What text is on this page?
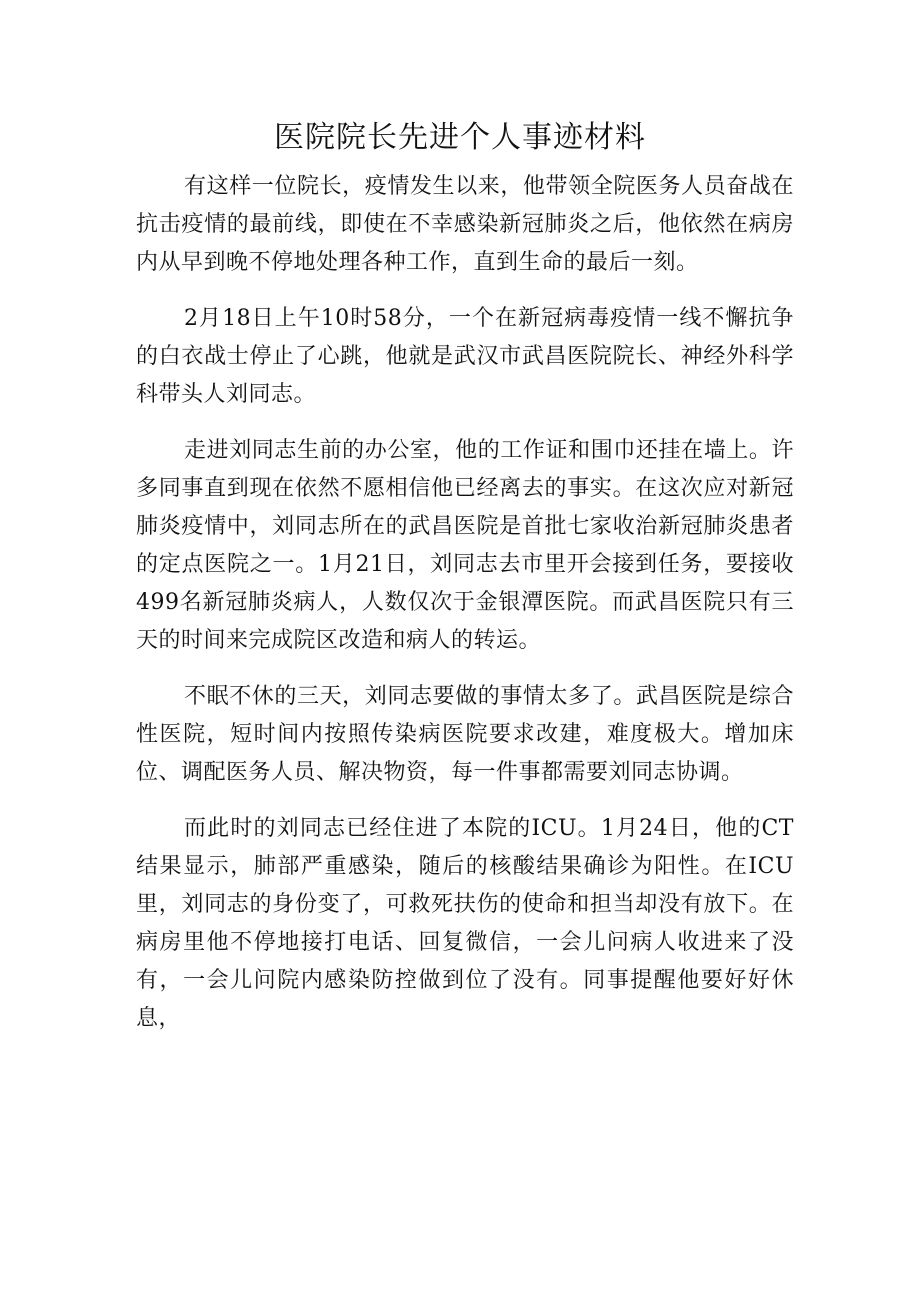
医院院长先进个人事迹材料

有这样一位院长，疫情发生以来，他带领全院医务人员奋战在抗击疫情的最前线，即使在不幸感染新冠肺炎之后，他依然在病房内从早到晚不停地处理各种工作，直到生命的最后一刻。

2月18日上午10时58分，一个在新冠病毒疫情一线不懈抗争的白衣战士停止了心跳，他就是武汉市武昌医院院长、神经外科学科带头人刘同志。

走进刘同志生前的办公室，他的工作证和围巾还挂在墙上。许多同事直到现在依然不愿相信他已经离去的事实。在这次应对新冠肺炎疫情中，刘同志所在的武昌医院是首批七家收治新冠肺炎患者的定点医院之一。1月21日，刘同志去市里开会接到任务，要接收499名新冠肺炎病人，人数仅次于金银潭医院。而武昌医院只有三天的时间来完成院区改造和病人的转运。

不眠不休的三天，刘同志要做的事情太多了。武昌医院是综合性医院，短时间内按照传染病医院要求改建，难度极大。增加床位、调配医务人员、解决物资，每一件事都需要刘同志协调。

而此时的刘同志已经住进了本院的ICU。1月24日，他的CT结果显示，肺部严重感染，随后的核酸结果确诊为阳性。在ICU里，刘同志的身份变了，可救死扶伤的使命和担当却没有放下。在病房里他不停地接打电话、回复微信，一会儿问病人收进来了没有，一会儿问院内感染防控做到位了没有。同事提醒他要好好休息，
